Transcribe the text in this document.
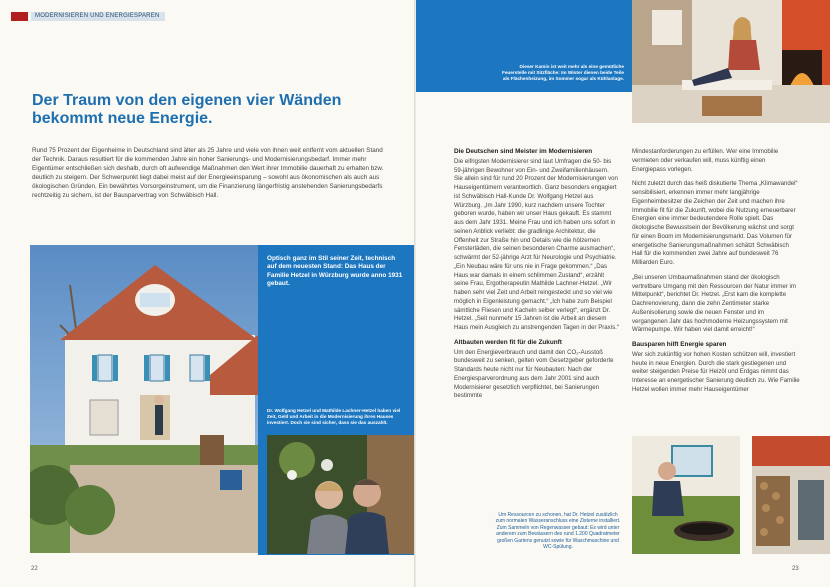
MODERNISIEREN UND ENERGIESPAREN
Der Traum von den eigenen vier Wänden bekommt neue Energie.

Rund 75 Prozent der Eigenheime in Deutschland sind älter als 25 Jahre und viele von ihnen weit entfernt vom aktuellen Stand der Technik. Daraus resultiert für die kommenden Jahre ein hoher Sanierungs- und Modernisierungsbedarf. Immer mehr Eigentümer entschließen sich deshalb, durch oft aufwendige Maßnahmen den Wert ihrer Immobilie dauerhaft zu erhalten bzw. deutlich zu steigern. Der Schwerpunkt liegt dabei meist auf der Energieeinsparung – sowohl aus ökonomischen als auch aus ökologischen Gründen. Ein bewährtes Vorsorgeinstrument, um die Finanzierung längerfristig anstehenden Sanierungsbedarfs rechtzeitig zu sichern, ist der Bausparvertrag von Schwäbisch Hall.

Optisch ganz im Stil seiner Zeit, technisch auf dem neuesten Stand: Das Haus der Familie Hetzel in Würzburg wurde anno 1931 gebaut.
Dr. Wolfgang Hetzel und Mathilde Lachner-Hetzel haben viel Zeit, Geld und Arbeit in die Modernisierung ihres Hauses investiert. Doch sie sind sicher, dass sie das auszahlt.
22
Dieser Kamin ist weit mehr als eine gemütliche Feuerstelle mit Sitzfläche: Im Winter dienen beide Teile als Flächenheizung, im Sommer sogar als Kühlanlage.
Die Deutschen sind Meister im Modernisieren

Die eifrigsten Modernisierer sind laut Umfragen die 50- bis 59-jährigen Bewohner von Ein- und Zweifamilienhäusern. Sie allein sind für rund 20 Prozent der Modernisierungen von Hauseigentümern verantwortlich. Ganz besonders engagiert ist Schwäbisch Hall-Kunde Dr. Wolfgang Hetzel aus Würzburg. „Im Jahr 1990, kurz nachdem unsere Tochter geboren wurde, haben wir unser Haus gekauft. Es stammt aus dem Jahr 1931. Meine Frau und ich haben uns sofort in seinen Anblick verliebt: die gradlinige Architektur, die Offenheit zur Straße hin und Details wie die hölzernen Fensterläden, die seinen besonderen Charme ausmachen“, schwärmt der 52-jährige Arzt für Neurologie und Psychiatrie. „Ein Neubau wäre für uns nie in Frage gekommen.“ „Das Haus war damals in einem schlimmen Zustand“, erzählt seine Frau, Ergotherapeutin Mathilde Lachner-Hetzel. „Wir haben sehr viel Zeit und Arbeit reingesteckt und so viel wie möglich in Eigenleistung gemacht.“ „Ich habe zum Beispiel sämtliche Fliesen und Kacheln selber verlegt“, ergänzt Dr. Hetzel. „Seit nunmehr 15 Jahren ist die Arbeit an diesem Haus mein Ausgleich zu anstrengenden Tagen in der Praxis.“

Altbauten werden fit für die Zukunft

Um den Energieverbrauch und damit den CO₂-Ausstoß bundesweit zu senken, gelten vom Gesetzgeber geforderte Standards heute nicht nur für Neubauten: Nach der Energiesparverordnung aus dem Jahr 2001 sind auch Modernisierer gesetzlich verpflichtet, bei Sanierungen bestimmte

Mindestanforderungen zu erfüllen. Wer eine Immobilie vermieten oder verkaufen will, muss künftig einen Energiepass vorlegen.

Nicht zuletzt durch das heiß diskutierte Thema „Klimawandel“ sensibilisiert, erkennen immer mehr langjährige Eigenheimbesitzer die Zeichen der Zeit und machen ihre Immobilie fit für die Zukunft, wobei die Nutzung erneuerbarer Energien eine immer bedeutendere Rolle spielt. Das ökologische Bewusstsein der Bevölkerung wächst und sorgt für einen Boom im Modernisierungsmarkt. Das Volumen für energetische Sanierungsmaßnahmen schätzt Schwäbisch Hall für die kommenden zwei Jahre auf bundesweit 76 Milliarden Euro.

„Bei unseren Umbaumaßnahmen stand der ökologisch vertretbare Umgang mit den Ressourcen der Natur immer im Mittelpunkt“, berichtet Dr. Hetzel. „Erst kam die komplette Dachrenovierung, dann die zehn Zentimeter starke Außenisolierung sowie die neuen Fenster und im vergangenen Jahr das hochmoderne Heizungssystem mit Wärmepumpe. Wir haben viel damit erreicht!“

Bausparen hilft Energie sparen

Wer sich zukünftig vor hohen Kosten schützen will, investiert heute in neue Energien. Durch die stark gestiegenen und weiter steigenden Preise für Heizöl und Erdgas nimmt das Interesse an energetischer Sanierung deutlich zu. Wie Familie Hetzel wollen immer mehr Hauseigentümer

Um Ressourcen zu schonen, hat Dr. Hetzel zusätzlich zum normalen Wasseranschluss eine Zisterne installiert. Zum Sammeln von Regenwasser gebaut: Es wird unter anderem zum Bewässern des rund 1.200 Quadratmeter großen Gartens genutzt sowie für Waschmaschine und WC-Spülung.
23
